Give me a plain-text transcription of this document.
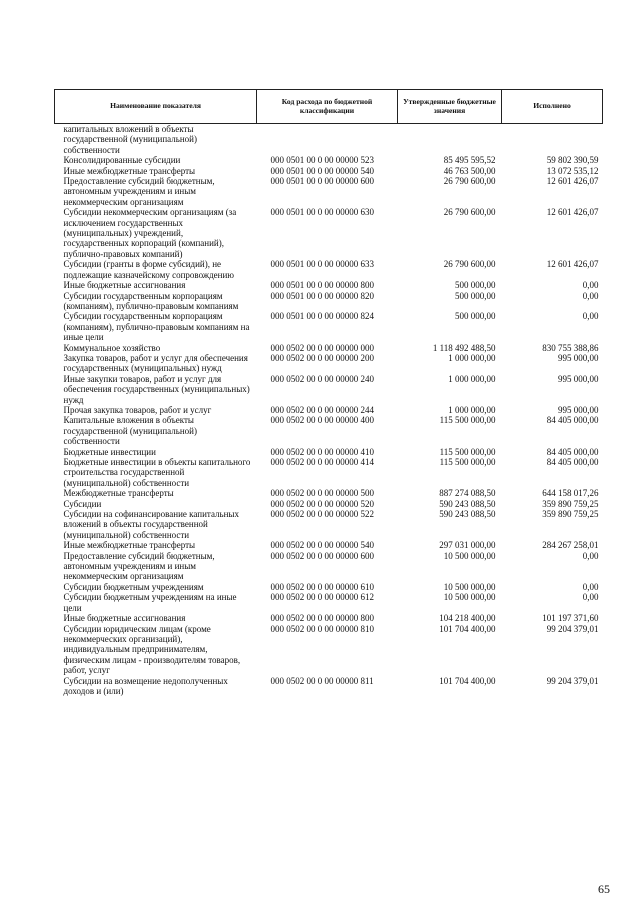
Наименование показателя	Код расхода по бюджетной классификации	Утвержденные бюджетные значения	Исполнено
капитальных вложений в объекты государственной (муниципальной) собственности			
Консолидированные субсидии	000 0501 00 0 00 00000 523	85 495 595,52	59 802 390,59
Иные межбюджетные трансферты	000 0501 00 0 00 00000 540	46 763 500,00	13 072 535,12
Предоставление субсидий бюджетным, автономным учреждениям и иным некоммерческим организациям	000 0501 00 0 00 00000 600	26 790 600,00	12 601 426,07
Субсидии некоммерческим организациям (за исключением государственных (муниципальных) учреждений, государственных корпораций (компаний), публично-правовых компаний)	000 0501 00 0 00 00000 630	26 790 600,00	12 601 426,07
Субсидии (гранты в форме субсидий), не подлежащие казначейскому сопровождению	000 0501 00 0 00 00000 633	26 790 600,00	12 601 426,07
Иные бюджетные ассигнования	000 0501 00 0 00 00000 800	500 000,00	0,00
Субсидии государственным корпорациям (компаниям), публично-правовым компаниям	000 0501 00 0 00 00000 820	500 000,00	0,00
Субсидии государственным корпорациям (компаниям), публично-правовым компаниям на иные цели	000 0501 00 0 00 00000 824	500 000,00	0,00
Коммунальное хозяйство	000 0502 00 0 00 00000 000	1 118 492 488,50	830 755 388,86
Закупка товаров, работ и услуг для обеспечения государственных (муниципальных) нужд	000 0502 00 0 00 00000 200	1 000 000,00	995 000,00
Иные закупки товаров, работ и услуг для обеспечения государственных (муниципальных) нужд	000 0502 00 0 00 00000 240	1 000 000,00	995 000,00
Прочая закупка товаров, работ и услуг	000 0502 00 0 00 00000 244	1 000 000,00	995 000,00
Капитальные вложения в объекты государственной (муниципальной) собственности	000 0502 00 0 00 00000 400	115 500 000,00	84 405 000,00
Бюджетные инвестиции	000 0502 00 0 00 00000 410	115 500 000,00	84 405 000,00
Бюджетные инвестиции в объекты капитального строительства государственной (муниципальной) собственности	000 0502 00 0 00 00000 414	115 500 000,00	84 405 000,00
Межбюджетные трансферты	000 0502 00 0 00 00000 500	887 274 088,50	644 158 017,26
Субсидии	000 0502 00 0 00 00000 520	590 243 088,50	359 890 759,25
Субсидии на софинансирование капитальных вложений в объекты государственной (муниципальной) собственности	000 0502 00 0 00 00000 522	590 243 088,50	359 890 759,25
Иные межбюджетные трансферты	000 0502 00 0 00 00000 540	297 031 000,00	284 267 258,01
Предоставление субсидий бюджетным, автономным учреждениям и иным некоммерческим организациям	000 0502 00 0 00 00000 600	10 500 000,00	0,00
Субсидии бюджетным учреждениям	000 0502 00 0 00 00000 610	10 500 000,00	0,00
Субсидии бюджетным учреждениям на иные цели	000 0502 00 0 00 00000 612	10 500 000,00	0,00
Иные бюджетные ассигнования	000 0502 00 0 00 00000 800	104 218 400,00	101 197 371,60
Субсидии юридическим лицам (кроме некоммерческих организаций), индивидуальным предпринимателям, физическим лицам - производителям товаров, работ, услуг	000 0502 00 0 00 00000 810	101 704 400,00	99 204 379,01
Субсидии на возмещение недополученных доходов и (или)	000 0502 00 0 00 00000 811	101 704 400,00	99 204 379,01
65
